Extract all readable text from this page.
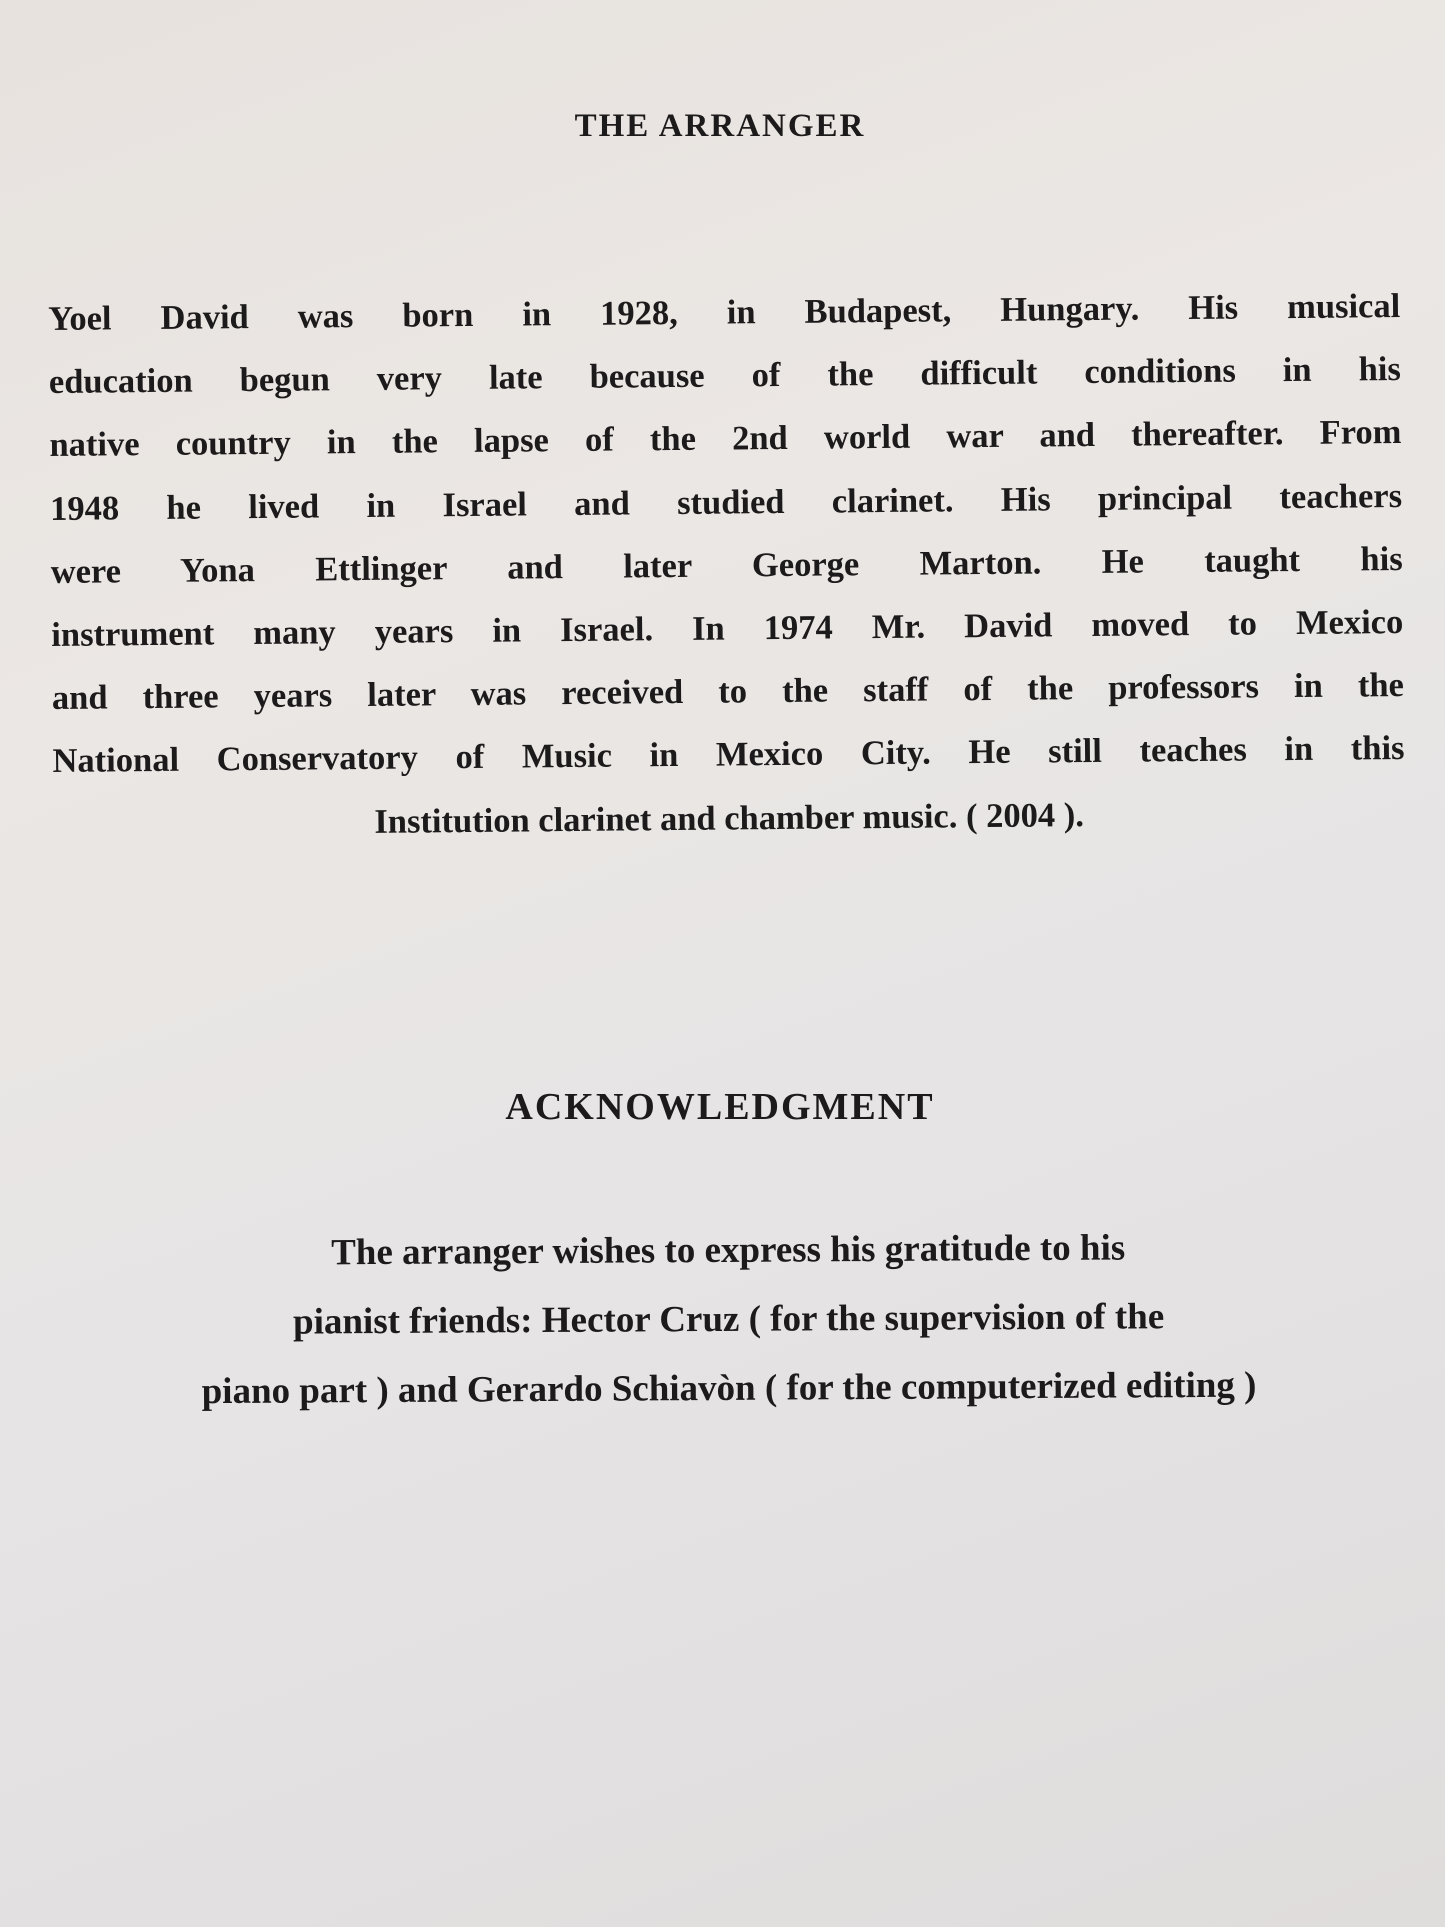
THE ARRANGER

Yoel David was born in 1928, in Budapest, Hungary. His musical
education begun very late because of the difficult conditions in his
native country in the lapse of the 2nd world war and thereafter. From
1948 he lived in Israel and studied clarinet. His principal teachers
were Yona Ettlinger and later George Marton. He taught his
instrument many years in Israel. In 1974 Mr. David moved to Mexico
and three years later was received to the staff of the professors in the
National Conservatory of Music in Mexico City. He still teaches in this
Institution clarinet and chamber music. ( 2004 ).

ACKNOWLEDGMENT

The arranger wishes to express his gratitude to his
pianist friends: Hector Cruz ( for the supervision of the
piano part ) and Gerardo Schiavòn ( for the computerized editing )
